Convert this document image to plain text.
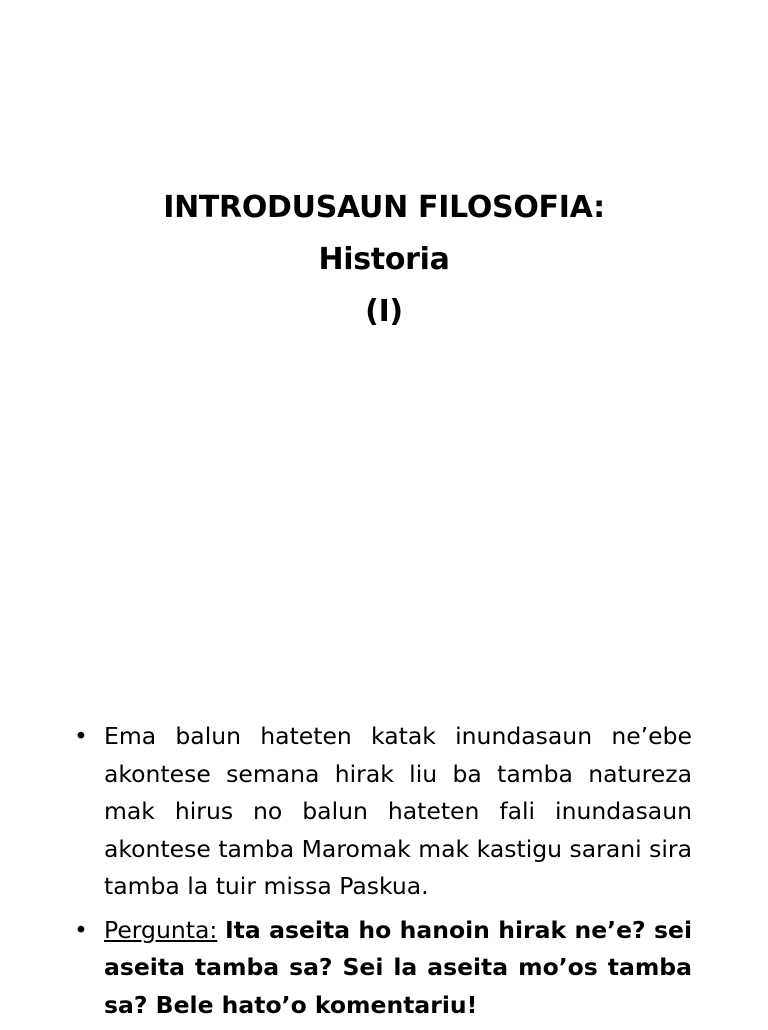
INTRODUSAUN FILOSOFIA:
Historia
(I)
• Ema balun hateten katak inundasaun ne’ebe akontese semana hirak liu ba tamba natureza mak hirus no balun hateten fali inundasaun akontese tamba Maromak mak kastigu sarani sira tamba la tuir missa Paskua.
• Pergunta: Ita aseita ho hanoin hirak ne’e? sei aseita tamba sa? Sei la aseita mo’os tamba sa? Bele hato’o komentariu!
